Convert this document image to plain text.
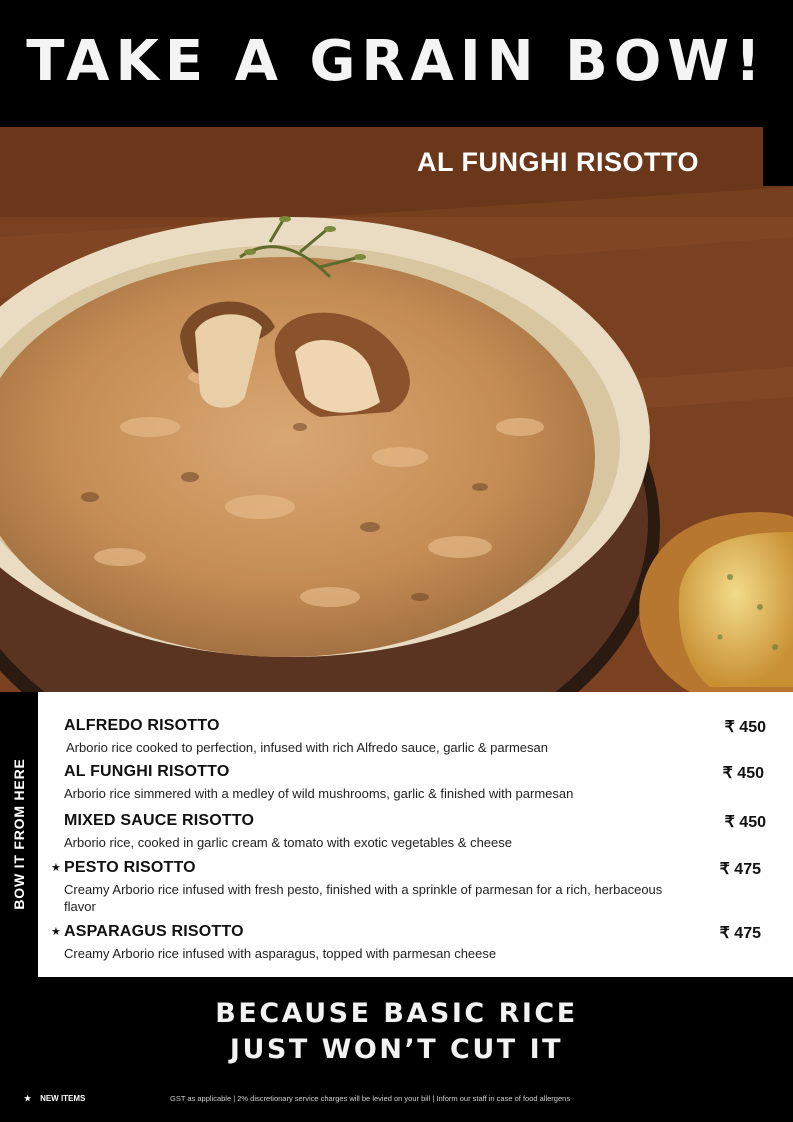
TAKE A GRAIN BOW!
AL FUNGHI RISOTTO
BOW IT FROM HERE
ALFREDO RISOTTO	₹ 450
Arborio rice cooked to perfection, infused with rich Alfredo sauce, garlic & parmesan
AL FUNGHI RISOTTO	₹ 450
Arborio rice simmered with a medley of wild mushrooms, garlic & finished with parmesan
MIXED SAUCE RISOTTO	₹ 450
Arborio rice, cooked in garlic cream & tomato with exotic vegetables & cheese
★ PESTO RISOTTO	₹ 475
Creamy Arborio rice infused with fresh pesto, finished with a sprinkle of parmesan for a rich, herbaceous flavor
★ ASPARAGUS RISOTTO	₹ 475
Creamy Arborio rice infused with asparagus, topped with parmesan cheese
BECAUSE BASIC RICE
JUST WON’T CUT IT
★ NEW ITEMS	GST as applicable | 2% discretionary service charges will be levied on your bill | Inform our staff in case of food allergens
